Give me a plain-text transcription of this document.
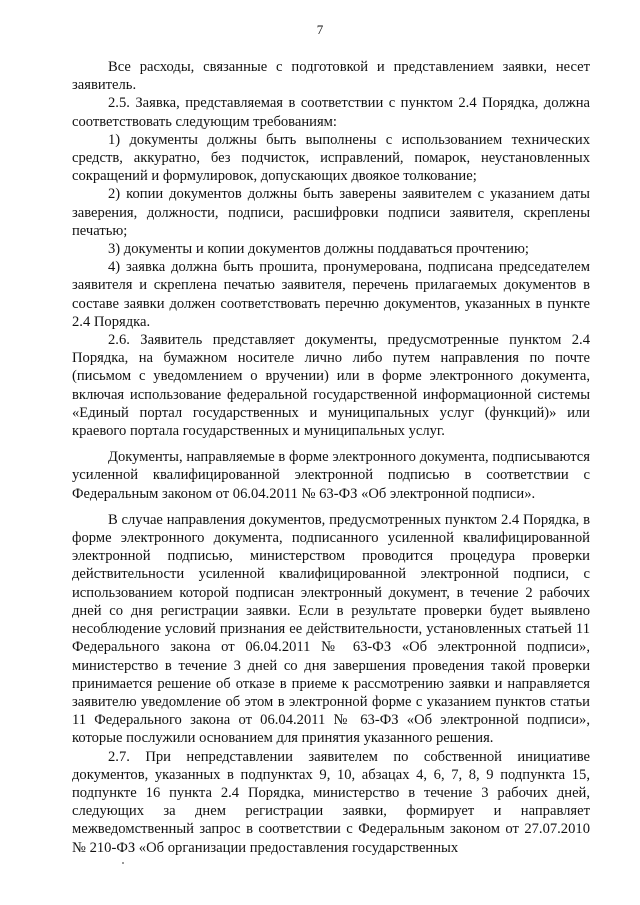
7

Все расходы, связанные с подготовкой и представлением заявки, несет заявитель.

2.5. Заявка, представляемая в соответствии с пунктом 2.4 Порядка, должна соответствовать следующим требованиям:

1) документы должны быть выполнены с использованием технических средств, аккуратно, без подчисток, исправлений, помарок, неустановленных сокращений и формулировок, допускающих двоякое толкование;

2) копии документов должны быть заверены заявителем с указанием даты заверения, должности, подписи, расшифровки подписи заявителя, скреплены печатью;

3) документы и копии документов должны поддаваться прочтению;

4) заявка должна быть прошита, пронумерована, подписана председателем заявителя и скреплена печатью заявителя, перечень прилагаемых документов в составе заявки должен соответствовать перечню документов, указанных в пункте 2.4 Порядка.

2.6. Заявитель представляет документы, предусмотренные пунктом 2.4 Порядка, на бумажном носителе лично либо путем направления по почте (письмом с уведомлением о вручении) или в форме электронного документа, включая использование федеральной государственной информационной системы «Единый портал государственных и муниципальных услуг (функций)» или краевого портала государственных и муниципальных услуг.

Документы, направляемые в форме электронного документа, подписываются усиленной квалифицированной электронной подписью в соответствии с Федеральным законом от 06.04.2011 № 63-ФЗ «Об электронной подписи».

В случае направления документов, предусмотренных пунктом 2.4 Порядка, в форме электронного документа, подписанного усиленной квалифицированной электронной подписью, министерством проводится процедура проверки действительности усиленной квалифицированной электронной подписи, с использованием которой подписан электронный документ, в течение 2 рабочих дней со дня регистрации заявки. Если в результате проверки будет выявлено несоблюдение условий признания ее действительности, установленных статьей 11 Федерального закона от 06.04.2011 № 63-ФЗ «Об электронной подписи», министерство в течение 3 дней со дня завершения проведения такой проверки принимается решение об отказе в приеме к рассмотрению заявки и направляется заявителю уведомление об этом в электронной форме с указанием пунктов статьи 11 Федерального закона от 06.04.2011 № 63-ФЗ «Об электронной подписи», которые послужили основанием для принятия указанного решения.

2.7. При непредставлении заявителем по собственной инициативе документов, указанных в подпунктах 9, 10, абзацах 4, 6, 7, 8, 9 подпункта 15, подпункте 16 пункта 2.4 Порядка, министерство в течение 3 рабочих дней, следующих за днем регистрации заявки, формирует и направляет межведомственный запрос в соответствии с Федеральным законом от 27.07.2010 № 210-ФЗ «Об организации предоставления государственных
